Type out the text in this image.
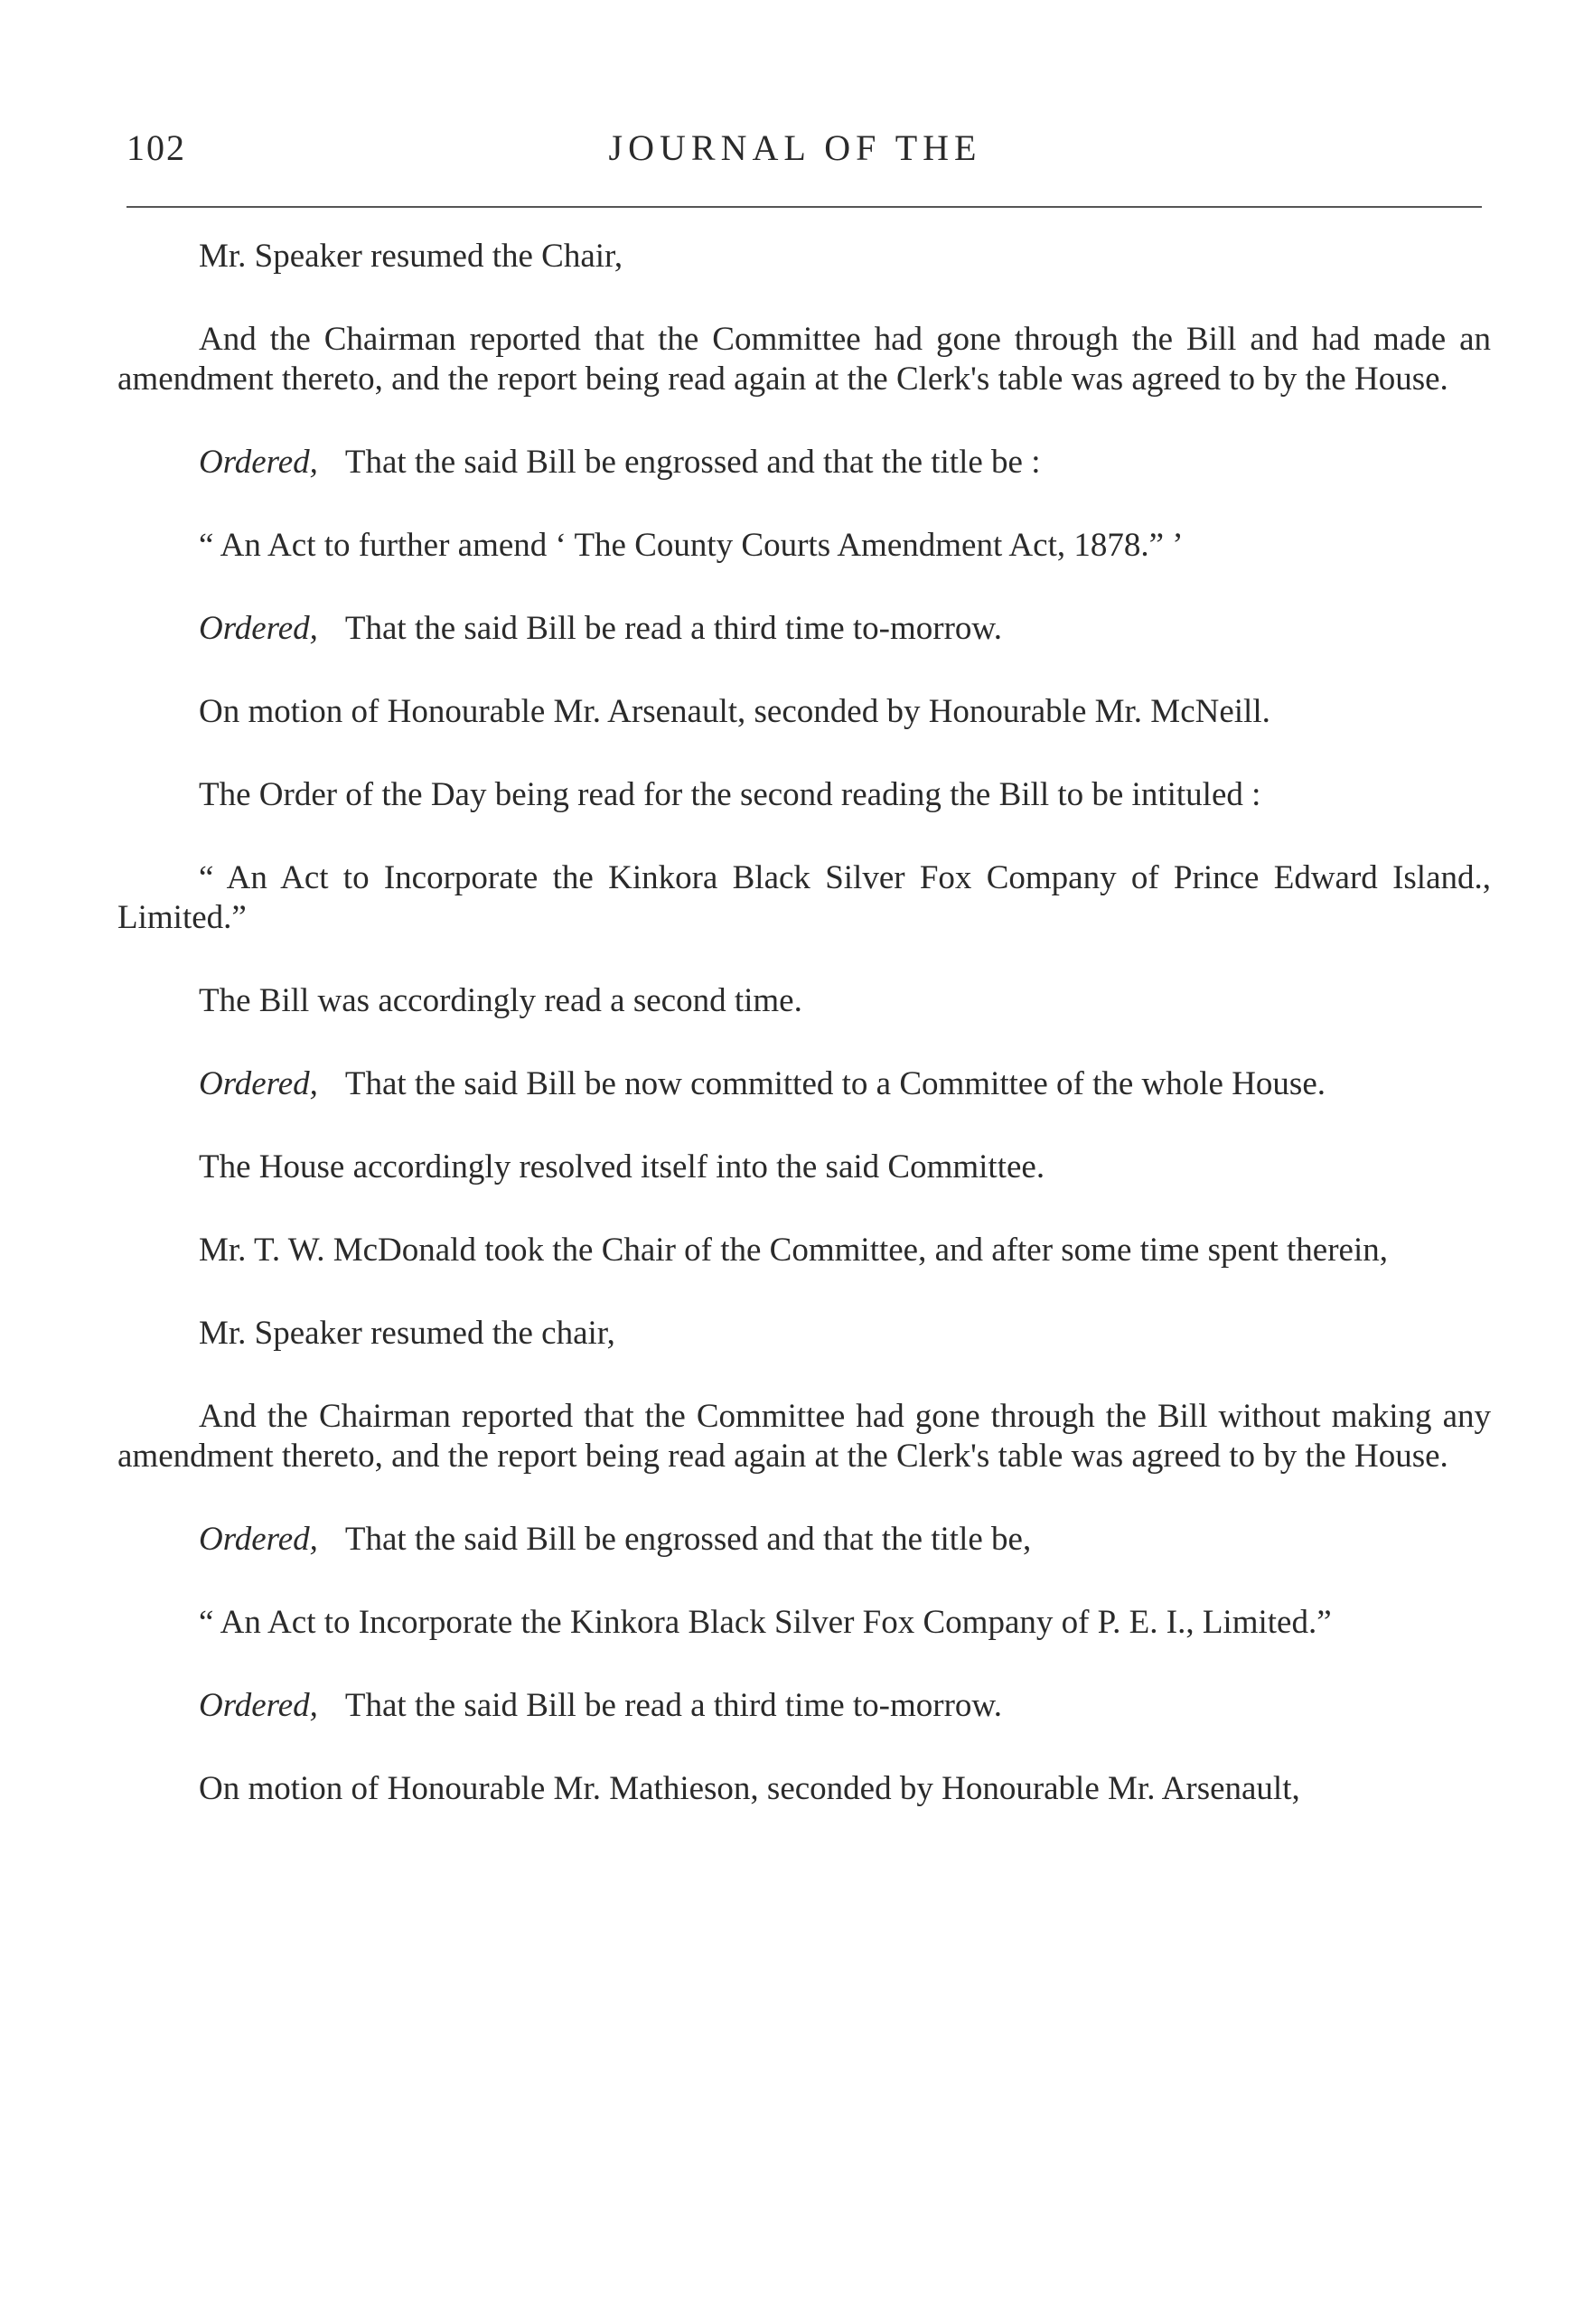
102	JOURNAL OF THE

Mr. Speaker resumed the Chair,

And the Chairman reported that the Committee had gone through the Bill and had made an amendment thereto, and the report being read again at the Clerk's table was agreed to by the House.

Ordered, That the said Bill be engrossed and that the title be :

“ An Act to further amend ‘ The County Courts Amendment Act, 1878.” ’

Ordered, That the said Bill be read a third time to-morrow.

On motion of Honourable Mr. Arsenault, seconded by Honourable Mr. McNeill.

The Order of the Day being read for the second reading the Bill to be intituled :

“ An Act to Incorporate the Kinkora Black Silver Fox Company of Prince Edward Island., Limited.”

The Bill was accordingly read a second time.

Ordered, That the said Bill be now committed to a Committee of the whole House.

The House accordingly resolved itself into the said Committee.

Mr. T. W. McDonald took the Chair of the Committee, and after some time spent therein,

Mr. Speaker resumed the chair,

And the Chairman reported that the Committee had gone through the Bill without making any amendment thereto, and the report being read again at the Clerk's table was agreed to by the House.

Ordered, That the said Bill be engrossed and that the title be,

“ An Act to Incorporate the Kinkora Black Silver Fox Company of P. E. I., Limited.”

Ordered, That the said Bill be read a third time to-morrow.

On motion of Honourable Mr. Mathieson, seconded by Honourable Mr. Arsenault,
